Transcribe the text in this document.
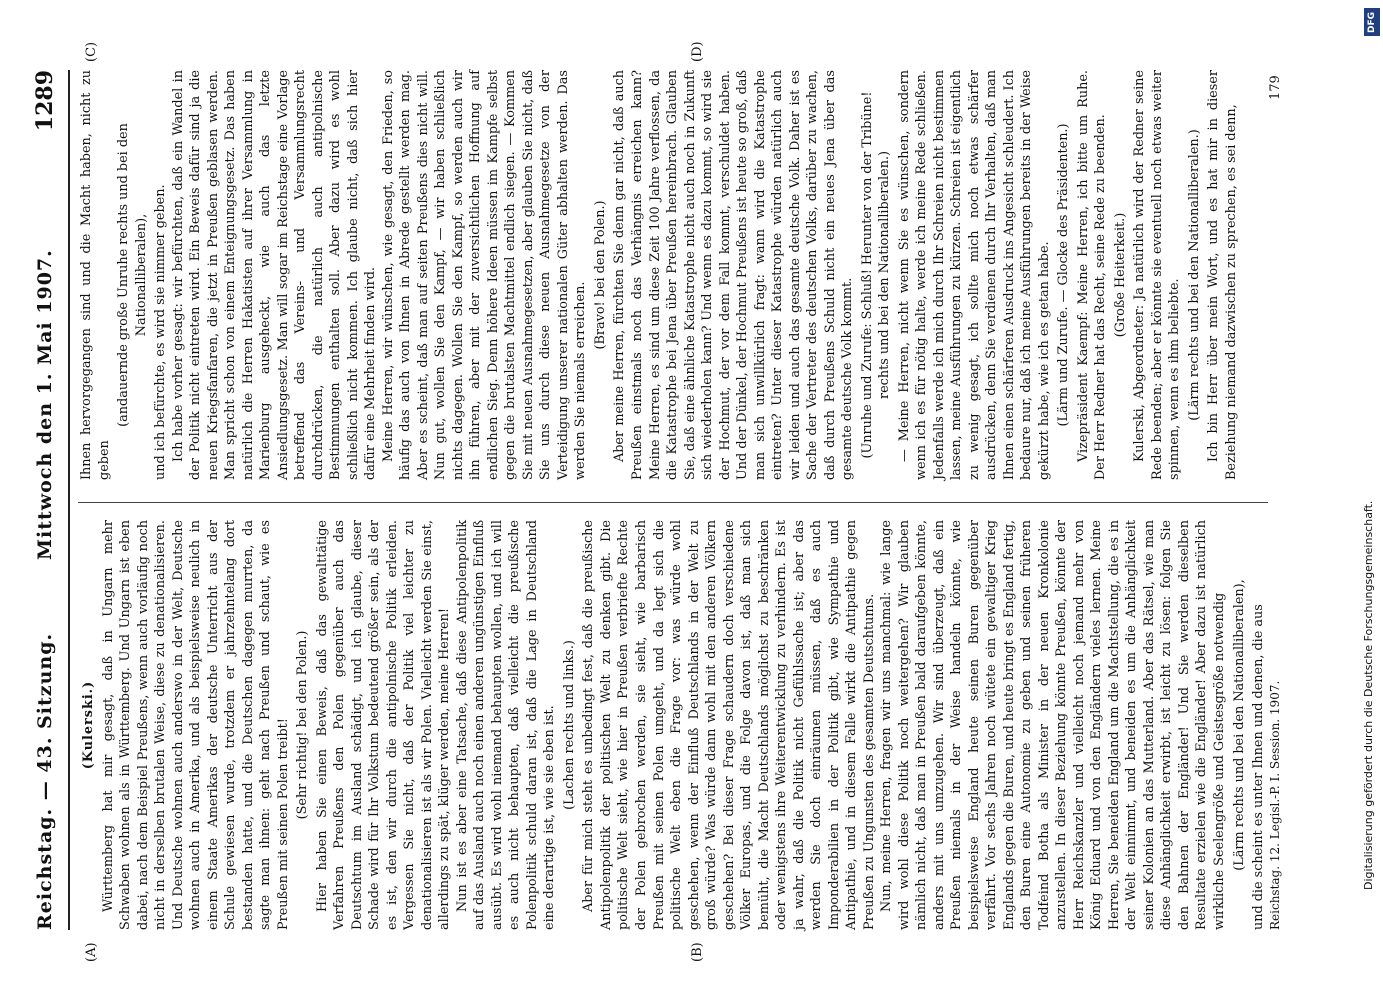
Reichstag. — 43. Sitzung.
Mittwoch den 1. Mai 1907.
1289
(A)	(B)
(C)	(D)

(Kulerski.) Württemberg hat mir gesagt, daß in Ungarn mehr Schwaben wohnen als in Württemberg. Und Ungarn ist eben dabei, nach dem Beispiel Preußens, wenn auch vorläufig noch nicht in derselben brutalen Weise, diese zu denationalisieren. Und Deutsche wohnen auch anderswo in der Welt, Deutsche wohnen auch in Amerika, und als beispielsweise neulich in einem Staate Amerikas der deutsche Unterricht aus der Schule gewiesen wurde, trotzdem er jahrzehntelang dort bestanden hatte, und die Deutschen dagegen murrten, da sagte man ihnen: geht nach Preußen und schaut, wie es Preußen mit seinen Polen treibt! (Sehr richtig! bei den Polen.) Hier haben Sie einen Beweis, daß das gewalttätige Verfahren Preußens den Polen gegenüber auch das Deutschtum im Ausland schädigt, und ich glaube, dieser Schade wird für Ihr Volkstum bedeutend größer sein, als der es ist, den wir durch die antipolnische Politik erleiden. Vergessen Sie nicht, daß der Politik viel leichter zu denationalisieren ist als wir Polen. Vielleicht werden Sie einst, allerdings zu spät, klüger werden, meine Herren! Nun ist es aber eine Tatsache, daß diese Antipolenpolitik auf das Ausland auch noch einen anderen ungünstigen Einfluß ausübt. Es wird wohl niemand behaupten wollen, und ich will es auch nicht behaupten, daß vielleicht die preußische Polenpolitik schuld daran ist, daß die Lage in Deutschland eine derartige ist, wie sie eben ist. (Lachen rechts und links.) Aber für mich steht es unbedingt fest, daß die preußische Antipolenpolitik der politischen Welt zu denken gibt. Die politische Welt sieht, wie hier in Preußen verbriefte Rechte der Polen gebrochen werden, sie sieht, wie barbarisch Preußen mit seinen Polen umgeht, und da legt sich die politische Welt eben die Frage vor: was würde wohl geschehen, wenn der Einfluß Deutschlands in der Welt zu groß würde? Was würde dann wohl mit den anderen Völkern geschehen? Bei dieser Frage schaudern doch verschiedene Völker Europas, und die Folge davon ist, daß man sich bemüht, die Macht Deutschlands möglichst zu beschränken oder wenigstens ihre Weiterentwicklung zu verhindern. Es ist ja wahr, daß die Politik nicht Gefühlssache ist; aber das werden Sie doch einräumen müssen, daß es auch Imponderabilien in der Politik gibt, wie Sympathie und Antipathie, und in diesem Falle wirkt die Antipathie gegen Preußen zu Ungunsten des gesamten Deutschtums. Nun, meine Herren, fragen wir uns manchmal: wie lange wird wohl diese Politik noch weitergehen? Wir glauben nämlich nicht, daß man in Preußen bald daraufgeben könnte, anders mit uns umzugehen. Wir sind überzeugt, daß ein Preußen niemals in der Weise handeln könnte, wie beispielsweise England heute seinen Buren gegenüber verfährt. Vor sechs Jahren noch wütete ein gewaltiger Krieg Englands gegen die Buren, und heute bringt es England fertig, den Buren eine Autonomie zu geben und seinen früheren Todfeind Botha als Minister in der neuen Kronkolonie anzustellen. In dieser Beziehung könnte Preußen, könnte der Herr Reichskanzler und vielleicht noch jemand mehr von König Eduard und von den Engländern vieles lernen. Meine Herren, Sie beneiden England um die Machtstellung, die es in der Welt einnimmt, und beneiden es um die Anhänglichkeit seiner Kolonien an das Mutterland. Aber das Rätsel, wie man diese Anhänglichkeit erwirbt, ist leicht zu lösen: folgen Sie den Bahnen der Engländer! Und Sie werden dieselben Resultate erzielen wie die Engländer! Aber dazu ist natürlich wirkliche Seelengröße und Geistesgröße notwendig (Lärm rechts und bei den Nationalliberalen), und die scheint es unter Ihnen und denen, die aus

Ihnen hervorgegangen sind und die Macht haben, nicht zu geben

(andauernde große Unruhe rechts und bei den Nationalliberalen), und ich befürchte, es wird sie nimmer geben. Ich habe vorher gesagt: wir befürchten, daß ein Wandel in der Politik nicht eintreten wird. Ein Beweis dafür sind ja die neuen Kriegsfanfaren, die jetzt in Preußen geblasen werden. Man spricht schon von einem Enteignungsgesetz. Das haben natürlich die Herren Hakatisten auf ihrer Versammlung in Marienburg ausgeheckt, wie auch das letzte Ansiedlungsgesetz. Man will sogar im Reichstage eine Vorlage betreffend das Vereins- und Versammlungsrecht durchdrücken, die natürlich auch antipolnische Bestimmungen enthalten soll. Aber dazu wird es wohl schließlich nicht kommen. Ich glaube nicht, daß sich hier dafür eine Mehrheit finden wird. Meine Herren, wir wünschen, wie gesagt, den Frieden, so häufig das auch von Ihnen in Abrede gestellt werden mag. Aber es scheint, daß man auf seiten Preußens dies nicht will. Nun gut, wollen Sie den Kampf, — wir haben schließlich nichts dagegen. Wollen Sie den Kampf, so werden auch wir ihn führen, aber mit der zuversichtlichen Hoffnung auf endlichen Sieg. Denn höhere Ideen müssen im Kampfe selbst gegen die brutalsten Machtmittel endlich siegen. — Kommen Sie mit neuen Ausnahmegesetzen, aber glauben Sie nicht, daß Sie uns durch diese neuen Ausnahmegesetze von der Verteidigung unserer nationalen Güter abhalten werden. Das werden Sie niemals erreichen.

(Bravo! bei den Polen.) Aber meine Herren, fürchten Sie denn gar nicht, daß auch Preußen einstmals noch das Verhängnis erreichen kann? Meine Herren, es sind um diese Zeit 100 Jahre verflossen, da die Katastrophe bei Jena über Preußen hereinbrach. Glauben Sie, daß eine ähnliche Katastrophe nicht auch noch in Zukunft sich wiederholen kann? Und wenn es dazu kommt, so wird sie der Hochmut, der vor dem Fall kommt, verschuldet haben. Und der Dünkel, der Hochmut Preußens ist heute so groß, daß man sich unwillkürlich fragt: wann wird die Katastrophe eintreten? Unter dieser Katastrophe würden natürlich auch wir leiden und auch das gesamte deutsche Volk. Daher ist es Sache der Vertreter des deutschen Volks, darüber zu wachen, daß durch Preußens Schuld nicht ein neues Jena über das gesamte deutsche Volk kommt. (Unruhe und Zurufe: Schluß! Herunter von der Tribüne! rechts und bei den Nationalliberalen.) — Meine Herren, nicht wenn Sie es wünschen, sondern wenn ich es für nötig halte, werde ich meine Rede schließen. Jedenfalls werde ich mich durch Ihr Schreien nicht bestimmen lassen, meine Ausführungen zu kürzen. Schreien ist eigentlich zu wenig gesagt, ich sollte mich noch etwas schärfer ausdrücken, denn Sie verdienen durch Ihr Verhalten, daß man Ihnen einen schärferen Ausdruck ins Angesicht schleudert. Ich bedaure nur, daß ich meine Ausführungen bereits in der Weise gekürzt habe, wie ich es getan habe. (Lärm und Zurufe. — Glocke des Präsidenten.) Vizepräsident Kaempf: Meine Herren, ich bitte um Ruhe. Der Herr Redner hat das Recht, seine Rede zu beenden. (Große Heiterkeit.) Kulerski, Abgeordneter: Ja natürlich wird der Redner seine Rede beenden; aber er könnte sie eventuell noch etwas weiter spinnen, wenn es ihm beliebte. (Lärm rechts und bei den Nationalliberalen.) Ich bin Herr über mein Wort, und es hat mir in dieser Beziehung niemand dazwischen zu sprechen, es sei denn,

Reichstag. 12. Legisl.-P. I. Session. 1907.
179
DFG
Digitalisierung gefördert durch die Deutsche Forschungsgemeinschaft.
